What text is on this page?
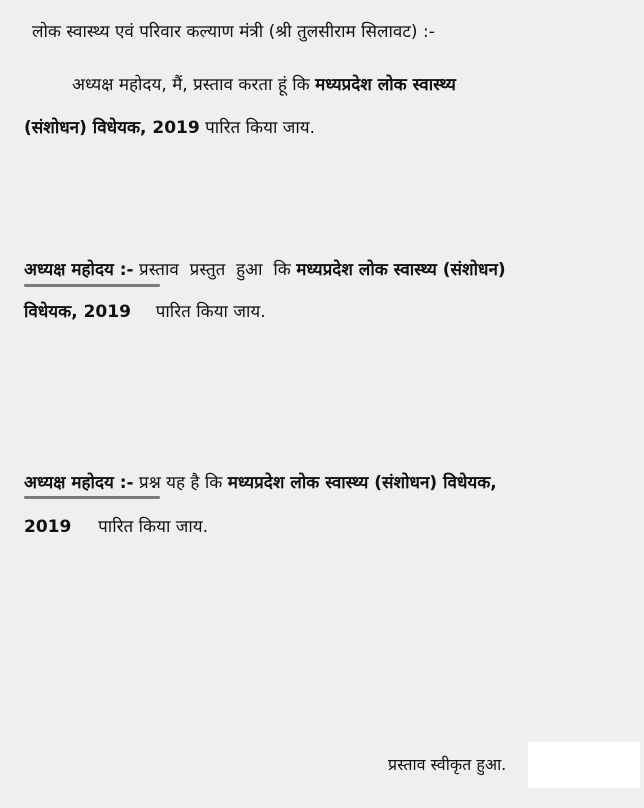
लोक स्वास्थ्य एवं परिवार कल्याण मंत्री (श्री तुलसीराम सिलावट) :-
अध्यक्ष महोदय, मैं, प्रस्ताव करता हूं कि मध्यप्रदेश लोक स्वास्थ्य
(संशोधन) विधेयक, 2019 पारित किया जाय.
अध्यक्ष महोदय :- प्रस्ताव  प्रस्तुत  हुआ  कि मध्यप्रदेश लोक स्वास्थ्य (संशोधन)
विधेयक, 2019 पारित किया जाय.
अध्यक्ष महोदय :- प्रश्न यह है कि मध्यप्रदेश लोक स्वास्थ्य (संशोधन) विधेयक,
2019 पारित किया जाय.
प्रस्ताव स्वीकृत हुआ.
